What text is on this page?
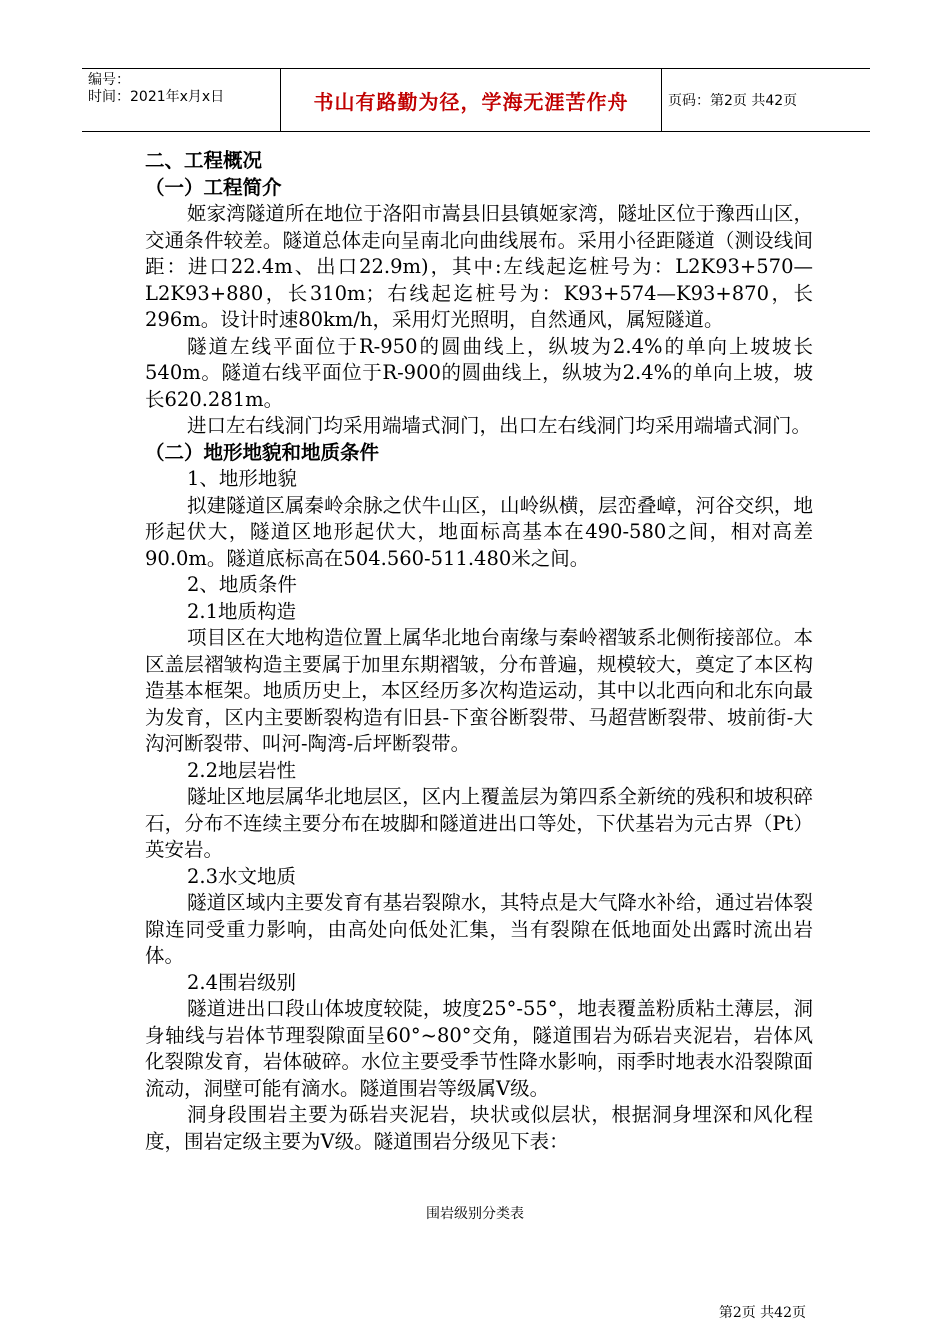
编号：
时间：2021年x月x日	书山有路勤为径，学海无涯苦作舟	页码：第2页 共42页

二、工程概况

（一）工程简介

姬家湾隧道所在地位于洛阳市嵩县旧县镇姬家湾，隧址区位于豫西山区，交通条件较差。隧道总体走向呈南北向曲线展布。采用小径距隧道（测设线间距：进口22.4m、出口22.9m)，其中:左线起迄桩号为：L2K93+570—L2K93+880，长310m；右线起迄桩号为：K93+574—K93+870，长296m。设计时速80km/h，采用灯光照明，自然通风，属短隧道。

隧道左线平面位于R-950的圆曲线上，纵坡为2.4%的单向上坡坡长540m。隧道右线平面位于R-900的圆曲线上，纵坡为2.4%的单向上坡，坡长620.281m。

进口左右线洞门均采用端墙式洞门，出口左右线洞门均采用端墙式洞门。

（二）地形地貌和地质条件

1、地形地貌

拟建隧道区属秦岭余脉之伏牛山区，山岭纵横，层峦叠嶂，河谷交织，地形起伏大，隧道区地形起伏大，地面标高基本在490-580之间，相对高差90.0m。隧道底标高在504.560-511.480米之间。

2、地质条件

2.1地质构造

项目区在大地构造位置上属华北地台南缘与秦岭褶皱系北侧衔接部位。本区盖层褶皱构造主要属于加里东期褶皱，分布普遍，规模较大，奠定了本区构造基本框架。地质历史上，本区经历多次构造运动，其中以北西向和北东向最为发育，区内主要断裂构造有旧县-下蛮谷断裂带、马超营断裂带、坡前街-大沟河断裂带、叫河-陶湾-后坪断裂带。

2.2地层岩性

隧址区地层属华北地层区，区内上覆盖层为第四系全新统的残积和坡积碎石，分布不连续主要分布在坡脚和隧道进出口等处，下伏基岩为元古界（Pt）英安岩。

2.3水文地质

隧道区域内主要发育有基岩裂隙水，其特点是大气降水补给，通过岩体裂隙连同受重力影响，由高处向低处汇集，当有裂隙在低地面处出露时流出岩体。

2.4围岩级别

隧道进出口段山体坡度较陡，坡度25°-55°，地表覆盖粉质粘土薄层，洞身轴线与岩体节理裂隙面呈60°~80°交角，隧道围岩为砾岩夹泥岩，岩体风化裂隙发育，岩体破碎。水位主要受季节性降水影响，雨季时地表水沿裂隙面流动，洞壁可能有滴水。隧道围岩等级属Ⅴ级。

洞身段围岩主要为砾岩夹泥岩，块状或似层状，根据洞身埋深和风化程度，围岩定级主要为Ⅴ级。隧道围岩分级见下表：

围岩级别分类表
第2页 共42页
